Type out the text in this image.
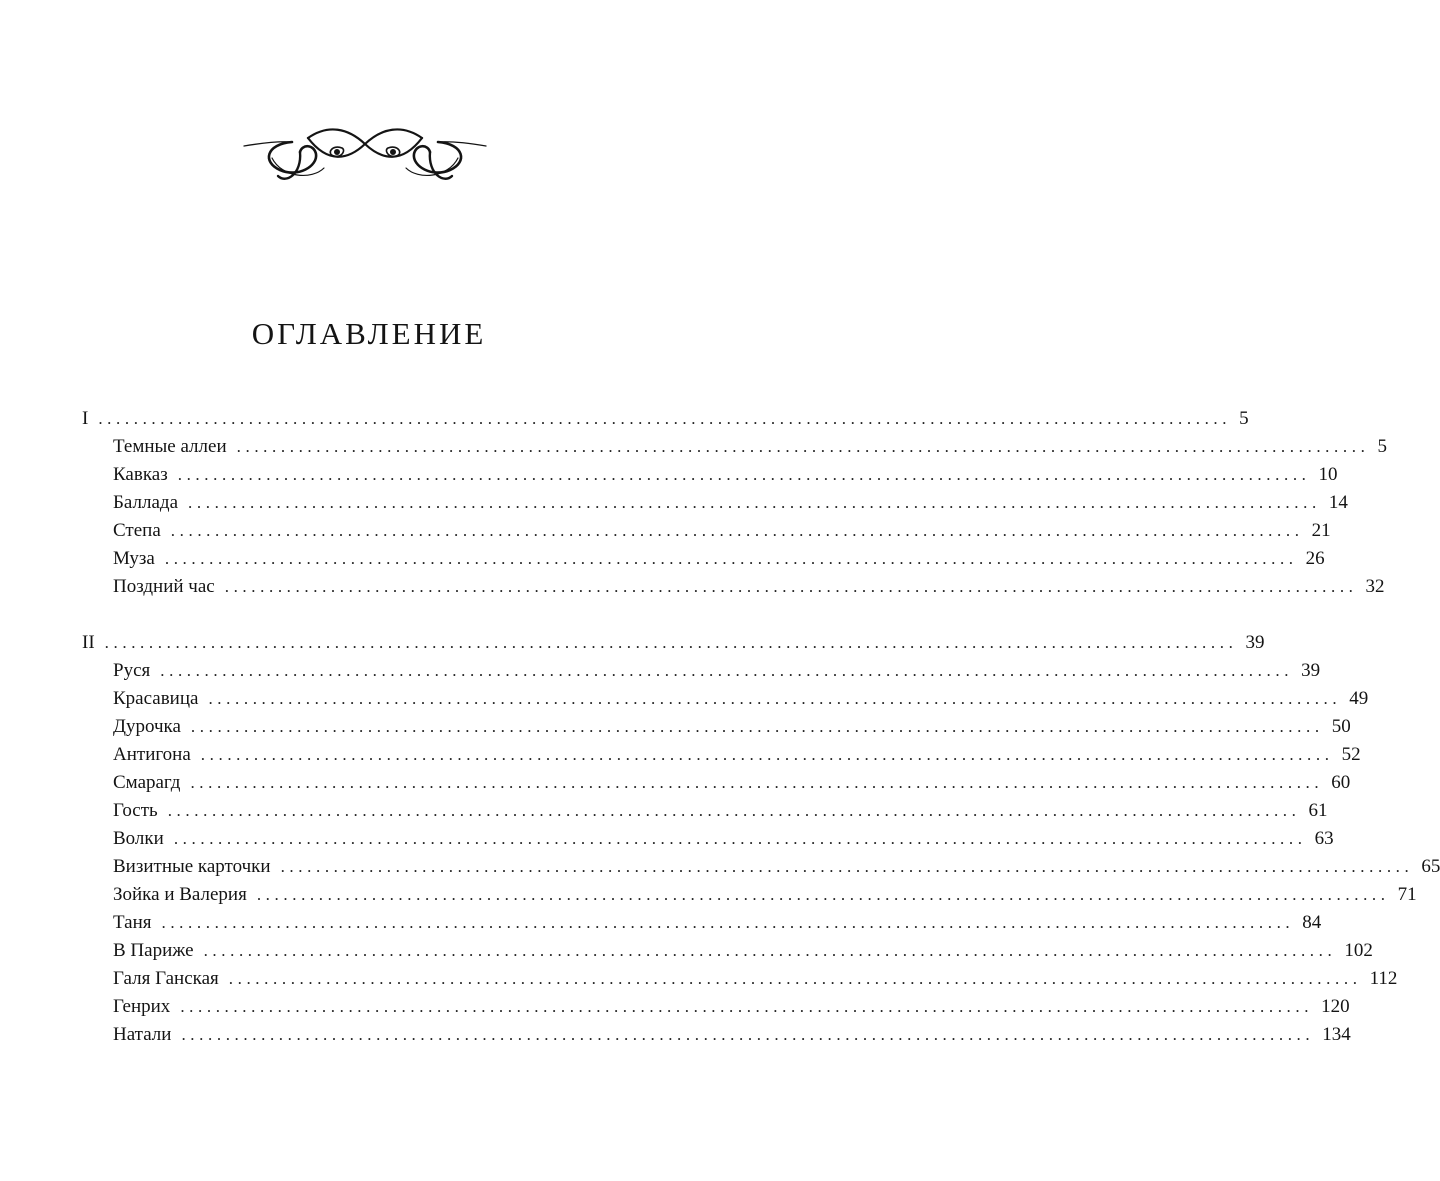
ОГЛАВЛЕНИЕ
I ................................................................................................................................ 5
Темные аллеи ................................................................................................................................ 5
Кавказ ................................................................................................................................ 10
Баллада ................................................................................................................................ 14
Степа ................................................................................................................................ 21
Муза ................................................................................................................................ 26
Поздний час ................................................................................................................................ 32
II ................................................................................................................................ 39
Руся ................................................................................................................................ 39
Красавица ................................................................................................................................ 49
Дурочка ................................................................................................................................ 50
Антигона ................................................................................................................................ 52
Смарагд ................................................................................................................................ 60
Гость ................................................................................................................................ 61
Волки ................................................................................................................................ 63
Визитные карточки ................................................................................................................................ 65
Зойка и Валерия ................................................................................................................................ 71
Таня ................................................................................................................................ 84
В Париже ................................................................................................................................ 102
Галя Ганская ................................................................................................................................ 112
Генрих ................................................................................................................................ 120
Натали ................................................................................................................................ 134
